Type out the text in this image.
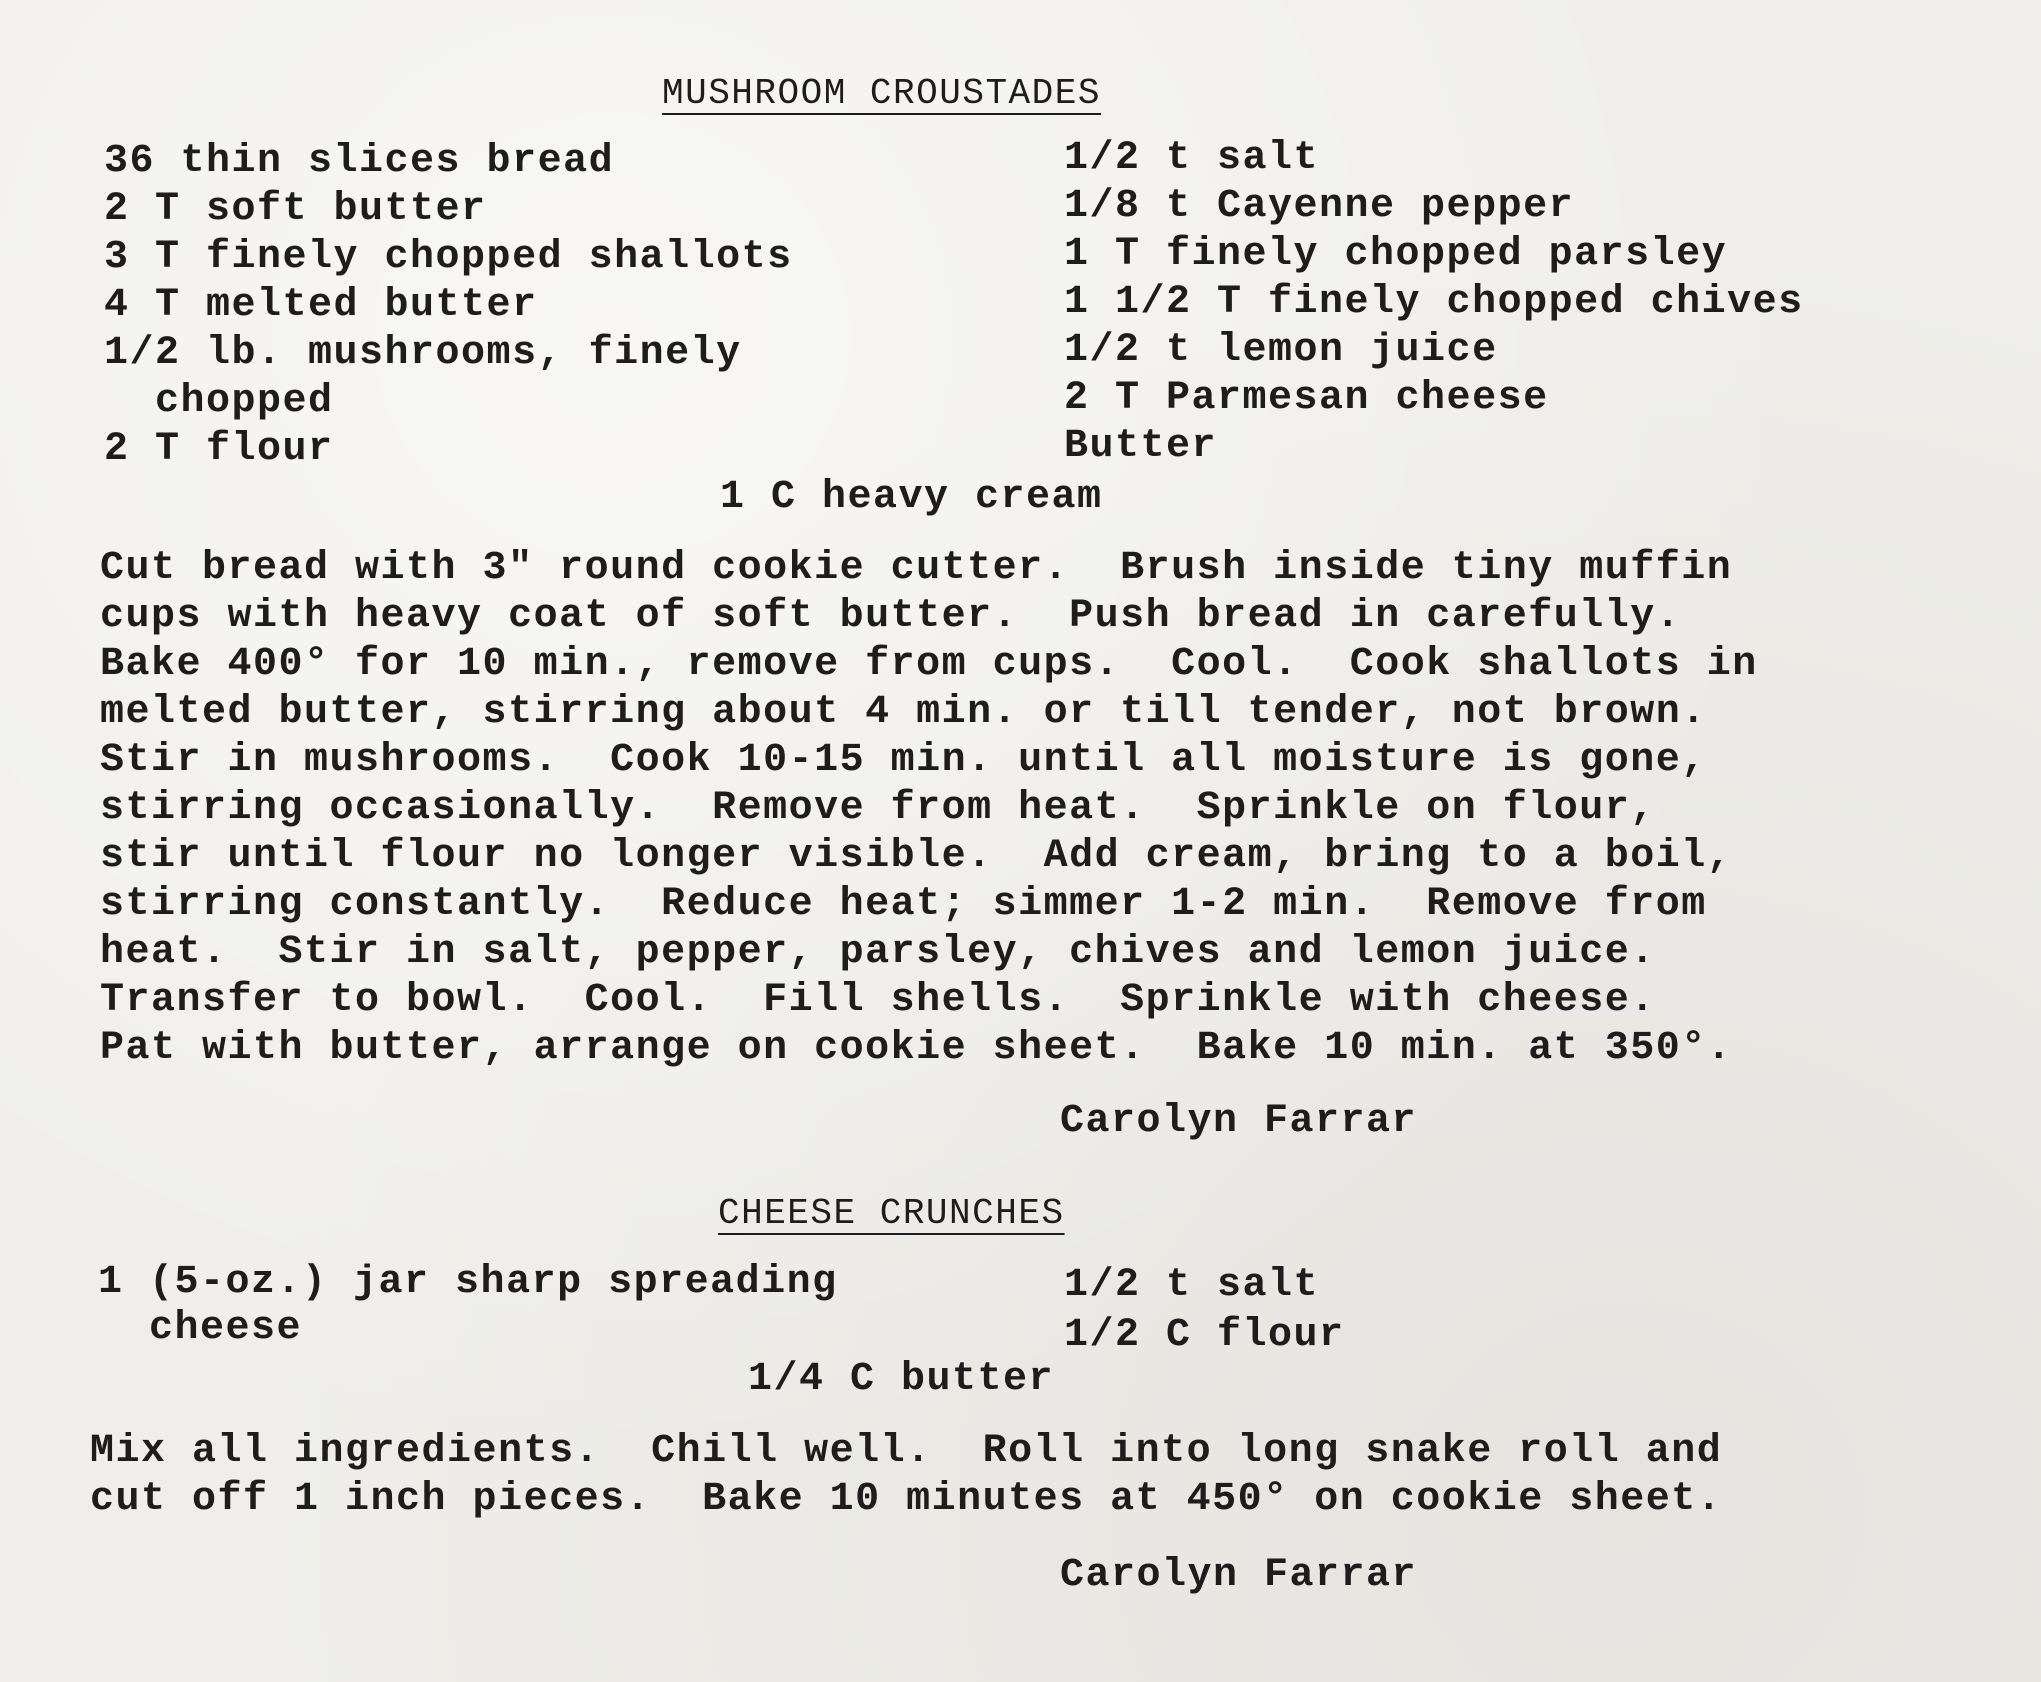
MUSHROOM CROUSTADES
36 thin slices bread
2 T soft butter
3 T finely chopped shallots
4 T melted butter
1/2 lb. mushrooms, finely
chopped
2 T flour
1/2 t salt
1/8 t Cayenne pepper
1 T finely chopped parsley
1 1/2 T finely chopped chives
1/2 t lemon juice
2 T Parmesan cheese
Butter
1 C heavy cream
Cut bread with 3" round cookie cutter.  Brush inside tiny muffin
cups with heavy coat of soft butter.  Push bread in carefully.
Bake 400° for 10 min., remove from cups.  Cool.  Cook shallots in
melted butter, stirring about 4 min. or till tender, not brown.
Stir in mushrooms.  Cook 10-15 min. until all moisture is gone,
stirring occasionally.  Remove from heat.  Sprinkle on flour,
stir until flour no longer visible.  Add cream, bring to a boil,
stirring constantly.  Reduce heat; simmer 1-2 min.  Remove from
heat.  Stir in salt, pepper, parsley, chives and lemon juice.
Transfer to bowl.  Cool.  Fill shells.  Sprinkle with cheese.
Pat with butter, arrange on cookie sheet.  Bake 10 min. at 350°.
Carolyn Farrar
CHEESE CRUNCHES
1 (5-oz.) jar sharp spreading
cheese
1/2 t salt
1/2 C flour
1/4 C butter
Mix all ingredients.  Chill well.  Roll into long snake roll and
cut off 1 inch pieces.  Bake 10 minutes at 450° on cookie sheet.
Carolyn Farrar
